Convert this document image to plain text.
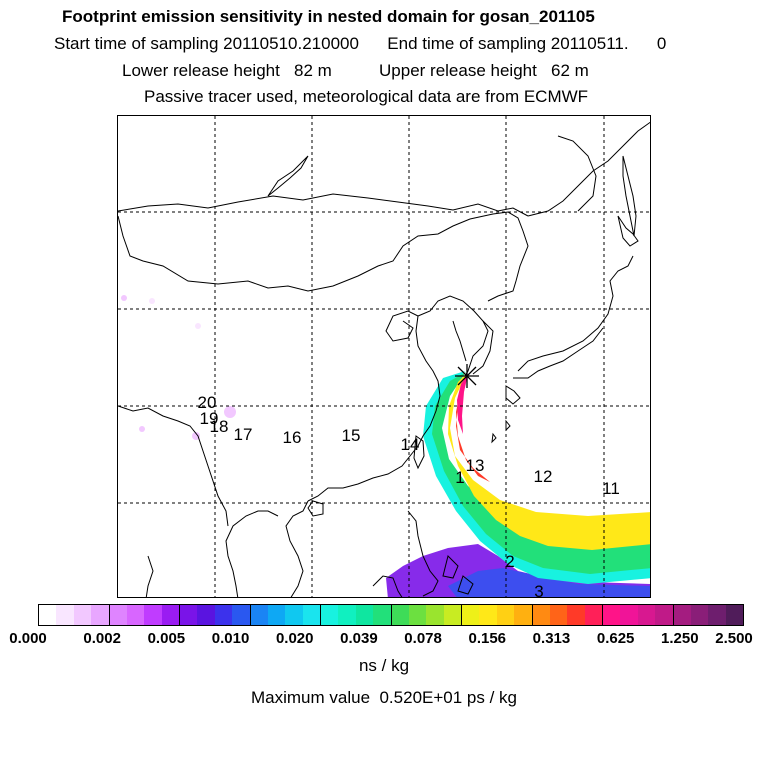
Footprint emission sensitivity in nested domain for gosan_201105
Start time of sampling 20110510.210000      End time of sampling 20110511.      0
Lower release height   82 m          Upper release height   62 m
Passive tracer used, meteorological data are from ECMWF
20
19
18 17 16 15 14
13
1	12
11
2
3
0.000 0.002 0.005 0.010 0.020 0.039 0.078 0.156 0.313 0.625 1.250 2.500
ns / kg
Maximum value  0.520E+01 ps / kg
